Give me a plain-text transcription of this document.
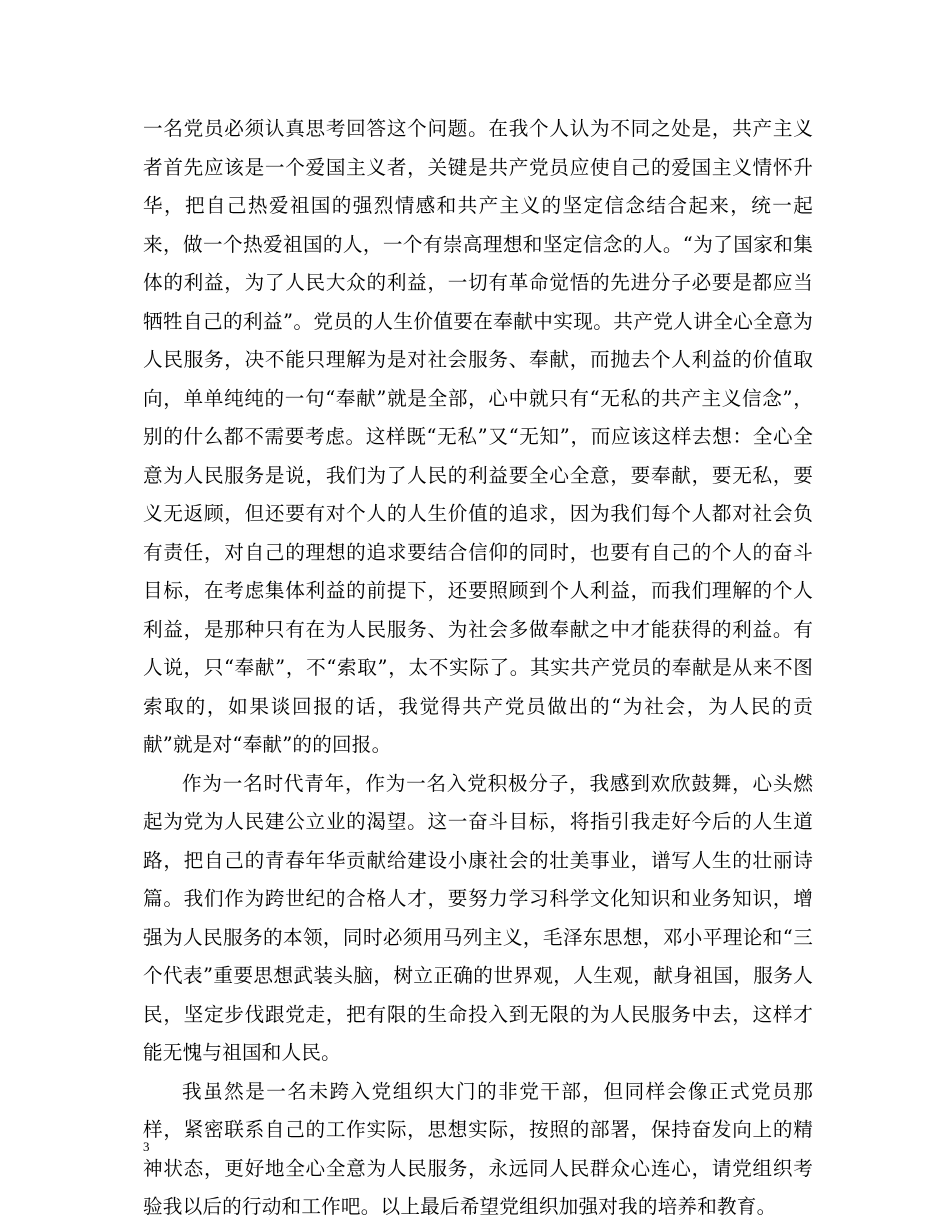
一名党员必须认真思考回答这个问题。在我个人认为不同之处是，共产主义者首先应该是一个爱国主义者，关键是共产党员应使自己的爱国主义情怀升华，把自己热爱祖国的强烈情感和共产主义的坚定信念结合起来，统一起来，做一个热爱祖国的人，一个有崇高理想和坚定信念的人。“为了国家和集体的利益，为了人民大众的利益，一切有革命觉悟的先进分子必要是都应当牺牲自己的利益”。党员的人生价值要在奉献中实现。共产党人讲全心全意为人民服务，决不能只理解为是对社会服务、奉献，而抛去个人利益的价值取向，单单纯纯的一句“奉献”就是全部，心中就只有“无私的共产主义信念”，别的什么都不需要考虑。这样既“无私”又“无知”，而应该这样去想：全心全意为人民服务是说，我们为了人民的利益要全心全意，要奉献，要无私，要义无返顾，但还要有对个人的人生价值的追求，因为我们每个人都对社会负有责任，对自己的理想的追求要结合信仰的同时，也要有自己的个人的奋斗目标，在考虑集体利益的前提下，还要照顾到个人利益，而我们理解的个人利益，是那种只有在为人民服务、为社会多做奉献之中才能获得的利益。有人说，只“奉献”，不“索取”，太不实际了。其实共产党员的奉献是从来不图索取的，如果谈回报的话，我觉得共产党员做出的“为社会，为人民的贡献”就是对“奉献”的的回报。

作为一名时代青年，作为一名入党积极分子，我感到欢欣鼓舞，心头燃起为党为人民建公立业的渴望。这一奋斗目标，将指引我走好今后的人生道路，把自己的青春年华贡献给建设小康社会的壮美事业，谱写人生的壮丽诗篇。我们作为跨世纪的合格人才，要努力学习科学文化知识和业务知识，增强为人民服务的本领，同时必须用马列主义，毛泽东思想，邓小平理论和“三个代表”重要思想武装头脑，树立正确的世界观，人生观，献身祖国，服务人民，坚定步伐跟党走，把有限的生命投入到无限的为人民服务中去，这样才能无愧与祖国和人民。

我虽然是一名未跨入党组织大门的非党干部，但同样会像正式党员那样，紧密联系自己的工作实际，思想实际，按照的部署，保持奋发向上的精神状态，更好地全心全意为人民服务，永远同人民群众心连心，请党组织考验我以后的行动和工作吧。以上最后希望党组织加强对我的培养和教育。

3
